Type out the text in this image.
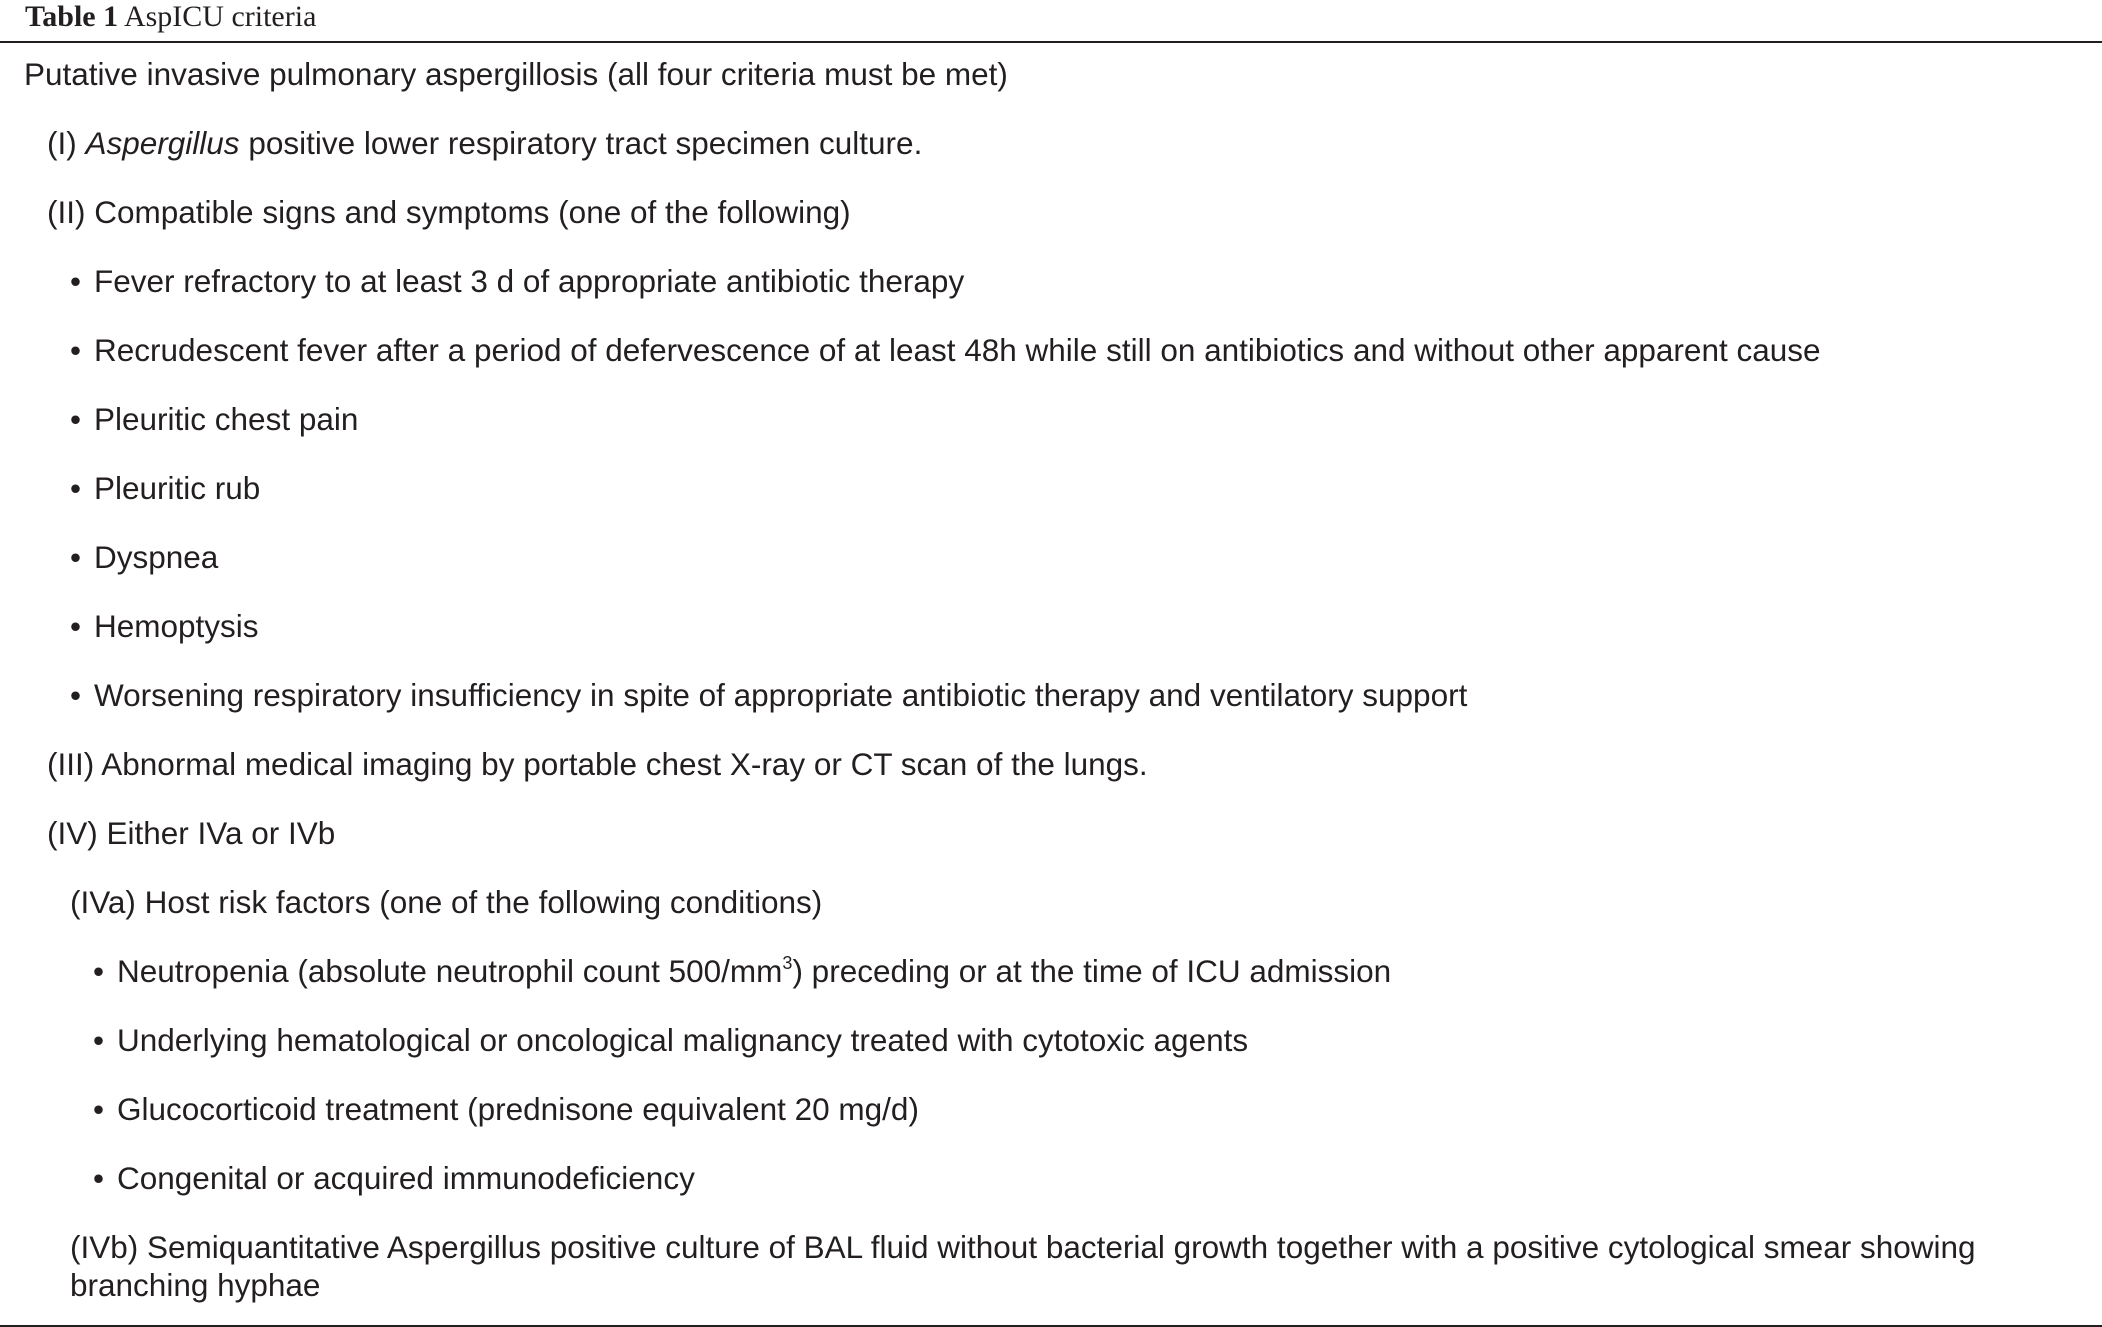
Table 1 AspICU criteria
Putative invasive pulmonary aspergillosis (all four criteria must be met)
(I) Aspergillus positive lower respiratory tract specimen culture.
(II) Compatible signs and symptoms (one of the following)
• Fever refractory to at least 3 d of appropriate antibiotic therapy
• Recrudescent fever after a period of defervescence of at least 48h while still on antibiotics and without other apparent cause
• Pleuritic chest pain
• Pleuritic rub
• Dyspnea
• Hemoptysis
• Worsening respiratory insufficiency in spite of appropriate antibiotic therapy and ventilatory support
(III) Abnormal medical imaging by portable chest X-ray or CT scan of the lungs.
(IV) Either IVa or IVb
(IVa) Host risk factors (one of the following conditions)
• Neutropenia (absolute neutrophil count $500/mm^3$) preceding or at the time of ICU admission
• Underlying hematological or oncological malignancy treated with cytotoxic agents
• Glucocorticoid treatment (prednisone equivalent 20 mg/d)
• Congenital or acquired immunodeficiency
(IVb) Semiquantitative Aspergillus positive culture of BAL fluid without bacterial growth together with a positive cytological smear showing branching hyphae
